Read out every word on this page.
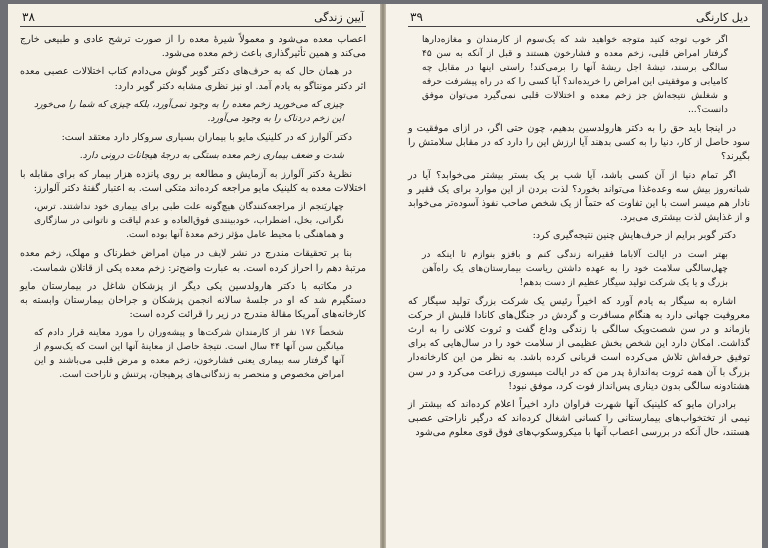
آیین زندگی
۳۸

اعصاب معده می‌شود و معمولاً شیرهٔ معده را از صورت ترشح عادی و طبیعی خارج می‌کند و همین تأثیرگذاری باعث زخم معده می‌شود.

در همان حال که به حرف‌های دکتر گوبر گوش می‌دادم کتاب اختلالات عصبی معده اثر دکتر مونتاگو به یادم آمد. او نیز نظری مشابه دکتر گوبر دارد:

چیزی که می‌خورید زخم معده را به وجود نمی‌آورد، بلکه چیزی که شما را می‌خورد این زخم دردناک را به وجود می‌آورد.

دکتر آلوارز که در کلینیک مایو با بیماران بسیاری سروکار دارد معتقد است:

شدت و ضعف بیماری زخم معده بستگی به درجهٔ هیجانات درونی دارد.

نظریهٔ دکتر آلوارز به آزمایش و مطالعه بر روی پانزده هزار بیمار که برای مقابله با اختلالات معده به کلینیک مایو مراجعه کرده‌اند متکی است. به اعتبار گفتهٔ دکتر آلوارز:

چهاریَنجم از مراجعه‌کنندگان هیچ‌گونه علت طبی برای بیماری خود نداشتند. ترس، نگرانی، بخل، اضطراب، خودبینندی فوق‌العاده و عدم لیاقت و ناتوانی در سازگاری و هماهنگی با محیط عامل مؤثر زخم معدهٔ آنها بوده است.

بنا بر تحقیقات مندرج در نشر لایف در میان امراض خطرناک و مهلک، زخم معده مرتبهٔ دهم را احراز کرده است. به عبارت واضح‌تر: زخم معده یکی از قاتلان شماست.

در مکاتبه با دکتر هارولدسین یکی دیگر از پزشکان شاغل در بیمارستان مایو دستگیرم شد که او در جلسهٔ سالانه انجمن پزشکان و جراحان بیمارستان وابسته به کارخانه‌های آمریکا مقالهٔ مندرج در زیر را قرائت کرده است:

شخصاً ۱۷۶ نفر از کارمندان شرکت‌ها و پیشه‌وران را مورد معاینه قرار دادم که میانگین سن آنها ۴۴ سال است. نتیجهٔ حاصل از معاینهٔ آنها این است که یک‌سوم از آنها گرفتار سه بیماری یعنی فشارخون، زخم معده و مرض قلبی می‌باشند و این امراض مخصوص و منحصر به زندگانی‌های پرهیجان، پرتنش و ناراحت است.
دیل کارنگی
۳۹
اگر خوب توجه کنید متوجه خواهید شد که یک‌سوم از کارمندان و مغازه‌دارها گرفتار امراض قلبی، زخم معده و فشارخون هستند و قبل از آنکه به سن ۴۵ سالگی برسند، تیشهٔ اجل ریشهٔ آنها را برمی‌کند! راستی اینها در مقابل چه کامیابی و موفقیتی این امراض را خریده‌اند؟ آیا کسی را که در راه پیشرفت حرفه و شغلش نتیجه‌اش جز زخم معده و اختلالات قلبی نمی‌گیرد می‌توان موفق دانست؟...

در اینجا باید حق را به دکتر هارولدسین بدهیم، چون حتی اگر، در ازای موفقیت و سود حاصل از کار، دنیا را به کسی بدهند آیا ارزش این را دارد که در مقابل سلامتش را بگیرند؟

اگر تمام دنیا از آن کسی باشد، آیا شب بر یک بستر بیشتر می‌خوابد؟ آیا در شبانه‌روز بیش سه وعده‌غذا می‌تواند بخورد؟ لذت بردن از این موارد برای یک فقیر و نادار هم میسر است با این تفاوت که حتماً از یک شخص صاحب نفوذ آسوده‌تر می‌خوابد و از غذایش لذت بیشتری می‌برد.

دکتر گوبر برایم از حرف‌هایش چنین نتیجه‌گیری کرد:

بهتر است در ایالت آلاباما فقیرانه زندگی کنم و بافزو بنوازم تا اینکه در چهل‌سالگی سلامت خود را به عهده داشتن ریاست بیمارستان‌های یک راه‌آهن بزرگ و یا یک شرکت تولید سیگار عظیم از دست بدهم!

اشاره به سیگار به یادم آورد که اخیراً رئیس یک شرکت بزرگ تولید سیگار که معروفیت جهانی دارد به هنگام مسافرت و گردش در جنگل‌های کانادا قلبش از حرکت بازماند و در سن شصت‌ویک سالگی با زندگی وداع گفت و ثروت کلانی را به ارث گذاشت. امکان دارد این شخص بخش عظیمی از سلامت خود را در سال‌هایی که برای توفیق حرفه‌اش تلاش می‌کرده است قربانی کرده باشد. به نظر من این کارخانه‌دار بزرگ با آن همه ثروت به‌اندازهٔ پدر من که در ایالت میسوری زراعت می‌کرد و در سن هشتادونه سالگی بدون دیناری پس‌انداز فوت کرد، موفق نبود!

برادران مایو که کلینیک آنها شهرت فراوان دارد اخیراً اعلام کرده‌اند که بیشتر از نیمی از تختخواب‌های بیمارستانی را کسانی اشغال کرده‌اند که درگیر ناراحتی عصبی هستند، حال آنکه در بررسی اعصاب آنها با میکروسکوپ‌های فوق قوی معلوم می‌شود
